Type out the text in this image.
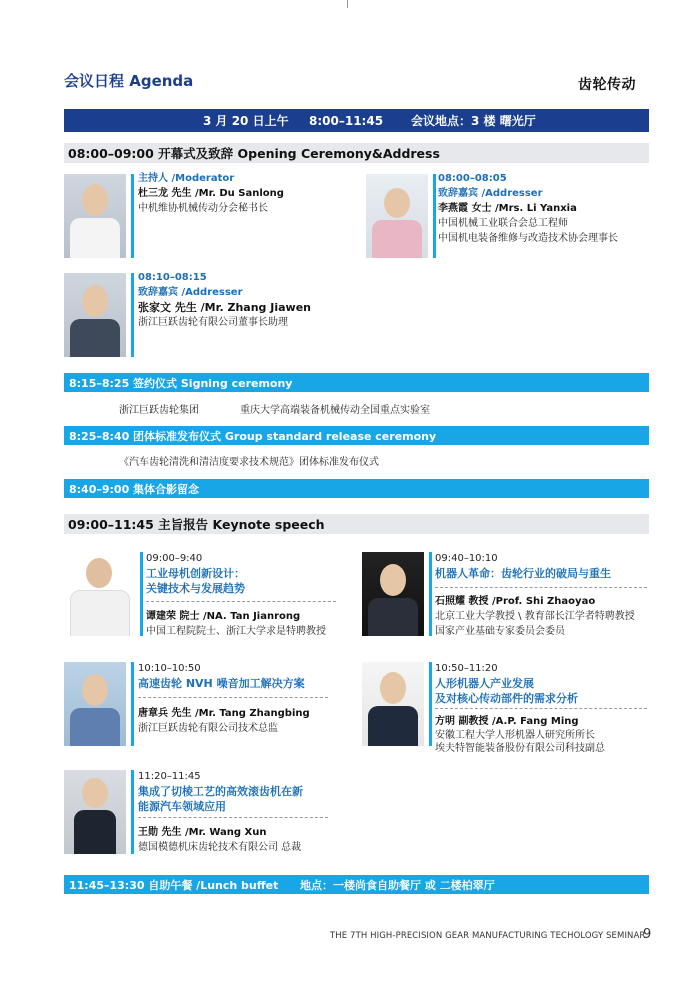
会议日程 Agenda	齿轮传动
3 月 20 日上午 8:00–11:45 会议地点：3 楼 曙光厅
08:00–09:00 开幕式及致辞 Opening Ceremony&Address
主持人 /Moderator
杜三龙 先生 /Mr. Du Sanlong
中机维协机械传动分会秘书长
08:00–08:05
致辞嘉宾 /Addresser
李燕霞 女士 /Mrs. Li Yanxia
中国机械工业联合会总工程师
中国机电装备维修与改造技术协会理事长
08:10–08:15
致辞嘉宾 /Addresser
张家文 先生 /Mr. Zhang Jiawen
浙江巨跃齿轮有限公司董事长助理
8:15–8:25 签约仪式 Signing ceremony
浙江巨跃齿轮集团	重庆大学高端装备机械传动全国重点实验室
8:25–8:40 团体标准发布仪式 Group standard release ceremony
《汽车齿轮清洗和清洁度要求技术规范》团体标准发布仪式
8:40–9:00 集体合影留念
09:00–11:45 主旨报告 Keynote speech
09:00–9:40
工业母机创新设计：
关键技术与发展趋势
谭建荣 院士 /NA. Tan Jianrong
中国工程院院士、浙江大学求是特聘教授
09:40–10:10
机器人革命：齿轮行业的破局与重生
石照耀 教授 /Prof. Shi Zhaoyao
北京工业大学教授 \ 教育部长江学者特聘教授
国家产业基础专家委员会委员
10:10–10:50
高速齿轮 NVH 噪音加工解决方案
唐章兵 先生 /Mr. Tang Zhangbing
浙江巨跃齿轮有限公司技术总监
10:50–11:20
人形机器人产业发展
及对核心传动部件的需求分析
方明 副教授 /A.P. Fang Ming
安徽工程大学人形机器人研究所所长
埃夫特智能装备股份有限公司科技副总
11:20–11:45
集成了切棱工艺的高效滚齿机在新
能源汽车领域应用
王勋 先生 /Mr. Wang Xun
德国模德机床齿轮技术有限公司 总裁
11:45–13:30 自助午餐 /Lunch buffet 地点：一楼尚食自助餐厅 或 二楼柏翠厅
THE 7TH HIGH-PRECISION GEAR MANUFACTURING TECHOLOGY SEMINAR
9
